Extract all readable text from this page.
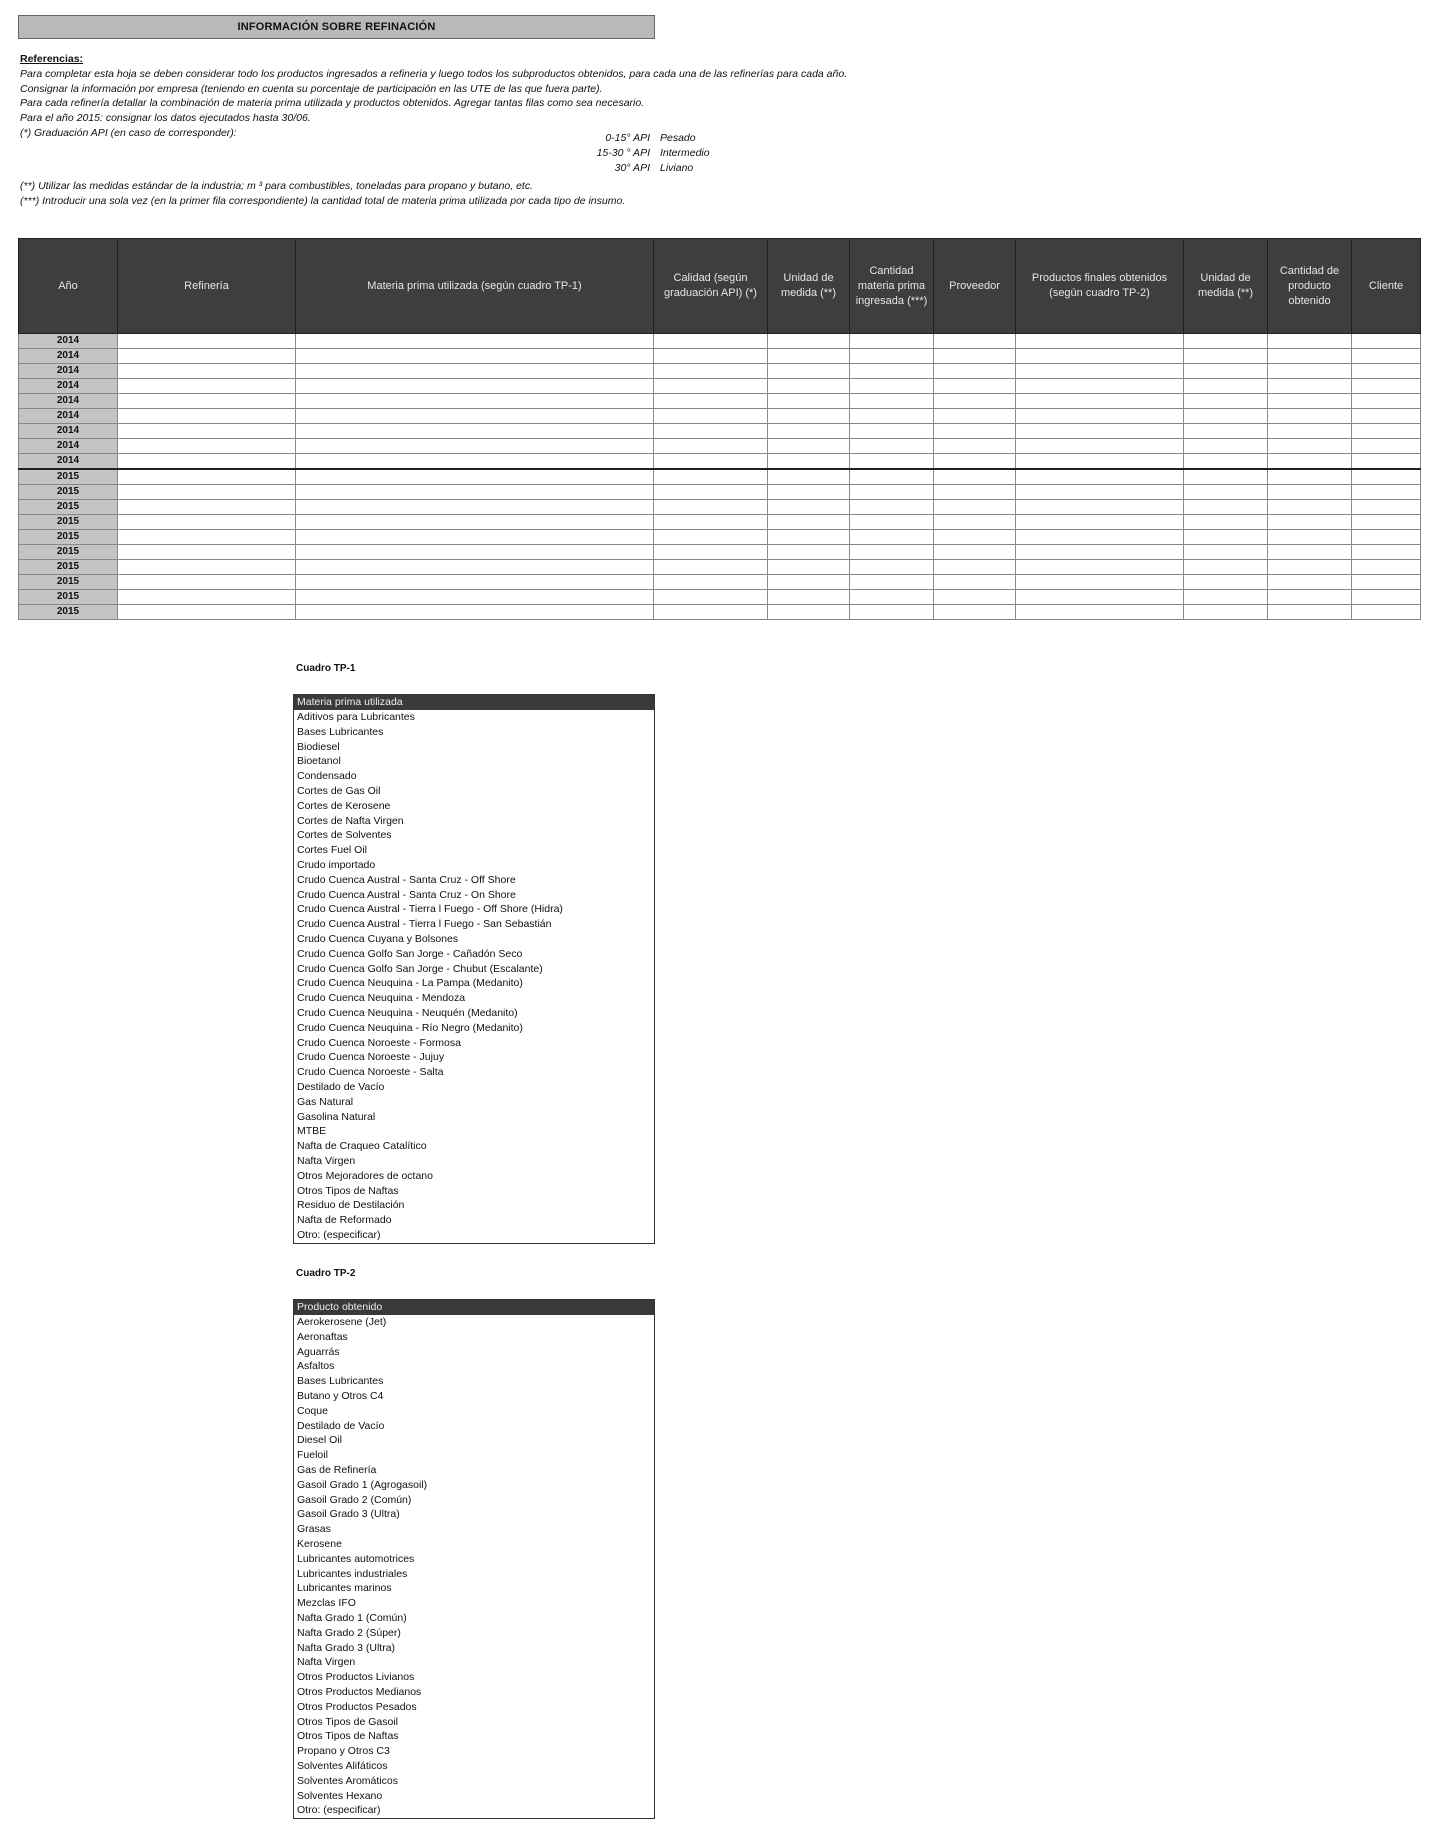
INFORMACIÓN SOBRE REFINACIÓN

Referencias:

Para completar esta hoja se deben considerar todo los productos ingresados a refineria y luego todos los subproductos obtenidos, para cada una de las refinerías para cada año.

Consignar la información por empresa (teniendo en cuenta su porcentaje de participación en las UTE de las que fuera parte).

Para cada refinería detallar la combinación de materia prima utilizada y productos obtenidos. Agregar tantas filas como sea necesario.

Para el año 2015: consignar los datos ejecutados hasta 30/06.

(*) Graduación API (en caso de corresponder):	0-15° API Pesado
15-30 ° API Intermedio
30° API Liviano
(**) Utilizar las medidas estándar de la industria; m ³ para combustibles, toneladas para propano y butano, etc.
(***) Introducir una sola vez (en la primer fila correspondiente) la cantidad total de materia prima utilizada por cada tipo de insumo.
Año	Refinería	Materia prima utilizada (según cuadro TP-1)	Calidad (según graduación API) (*)	Unidad de medida (**)	Cantidad materia prima ingresada (***)	Proveedor	Productos finales obtenidos (según cuadro TP-2)	Unidad de medida (**)	Cantidad de producto obtenido	Cliente
2014										
2014										
2014										
2014										
2014										
2014										
2014										
2014										
2014										
2015										
2015										
2015										
2015										
2015										
2015										
2015										
2015										
2015										
2015										
Cuadro TP-1
Materia prima utilizada
Aditivos para Lubricantes
Bases Lubricantes
Biodiesel
Bioetanol
Condensado
Cortes de Gas Oil
Cortes de Kerosene
Cortes de Nafta Virgen
Cortes de Solventes
Cortes Fuel Oil
Crudo importado
Crudo Cuenca Austral - Santa Cruz - Off Shore
Crudo Cuenca Austral - Santa Cruz - On Shore
Crudo Cuenca Austral - Tierra l Fuego - Off Shore (Hidra)
Crudo Cuenca Austral - Tierra l Fuego - San Sebastián
Crudo Cuenca Cuyana y Bolsones
Crudo Cuenca Golfo San Jorge - Cañadón Seco
Crudo Cuenca Golfo San Jorge - Chubut (Escalante)
Crudo Cuenca Neuquina - La Pampa (Medanito)
Crudo Cuenca Neuquina - Mendoza
Crudo Cuenca Neuquina - Neuquén (Medanito)
Crudo Cuenca Neuquina - Río Negro (Medanito)
Crudo Cuenca Noroeste - Formosa
Crudo Cuenca Noroeste - Jujuy
Crudo Cuenca Noroeste - Salta
Destilado de Vacío
Gas Natural
Gasolina Natural
MTBE
Nafta de Craqueo Catalítico
Nafta Virgen
Otros Mejoradores de octano
Otros Tipos de Naftas
Residuo de Destilación
Nafta de Reformado
Otro: (especificar)
Cuadro TP-2
Producto obtenido
Aerokerosene (Jet)
Aeronaftas
Aguarrás
Asfaltos
Bases Lubricantes
Butano y Otros C4
Coque
Destilado de Vacío
Diesel Oil
Fueloil
Gas de Refinería
Gasoil Grado 1 (Agrogasoil)
Gasoil Grado 2 (Común)
Gasoil Grado 3 (Ultra)
Grasas
Kerosene
Lubricantes automotrices
Lubricantes industriales
Lubricantes marinos
Mezclas IFO
Nafta Grado 1 (Común)
Nafta Grado 2 (Súper)
Nafta Grado 3 (Ultra)
Nafta Virgen
Otros Productos Livianos
Otros Productos Medianos
Otros Productos Pesados
Otros Tipos de Gasoil
Otros Tipos de Naftas
Propano y Otros C3
Solventes Alifáticos
Solventes Aromáticos
Solventes Hexano
Otro: (especificar)
